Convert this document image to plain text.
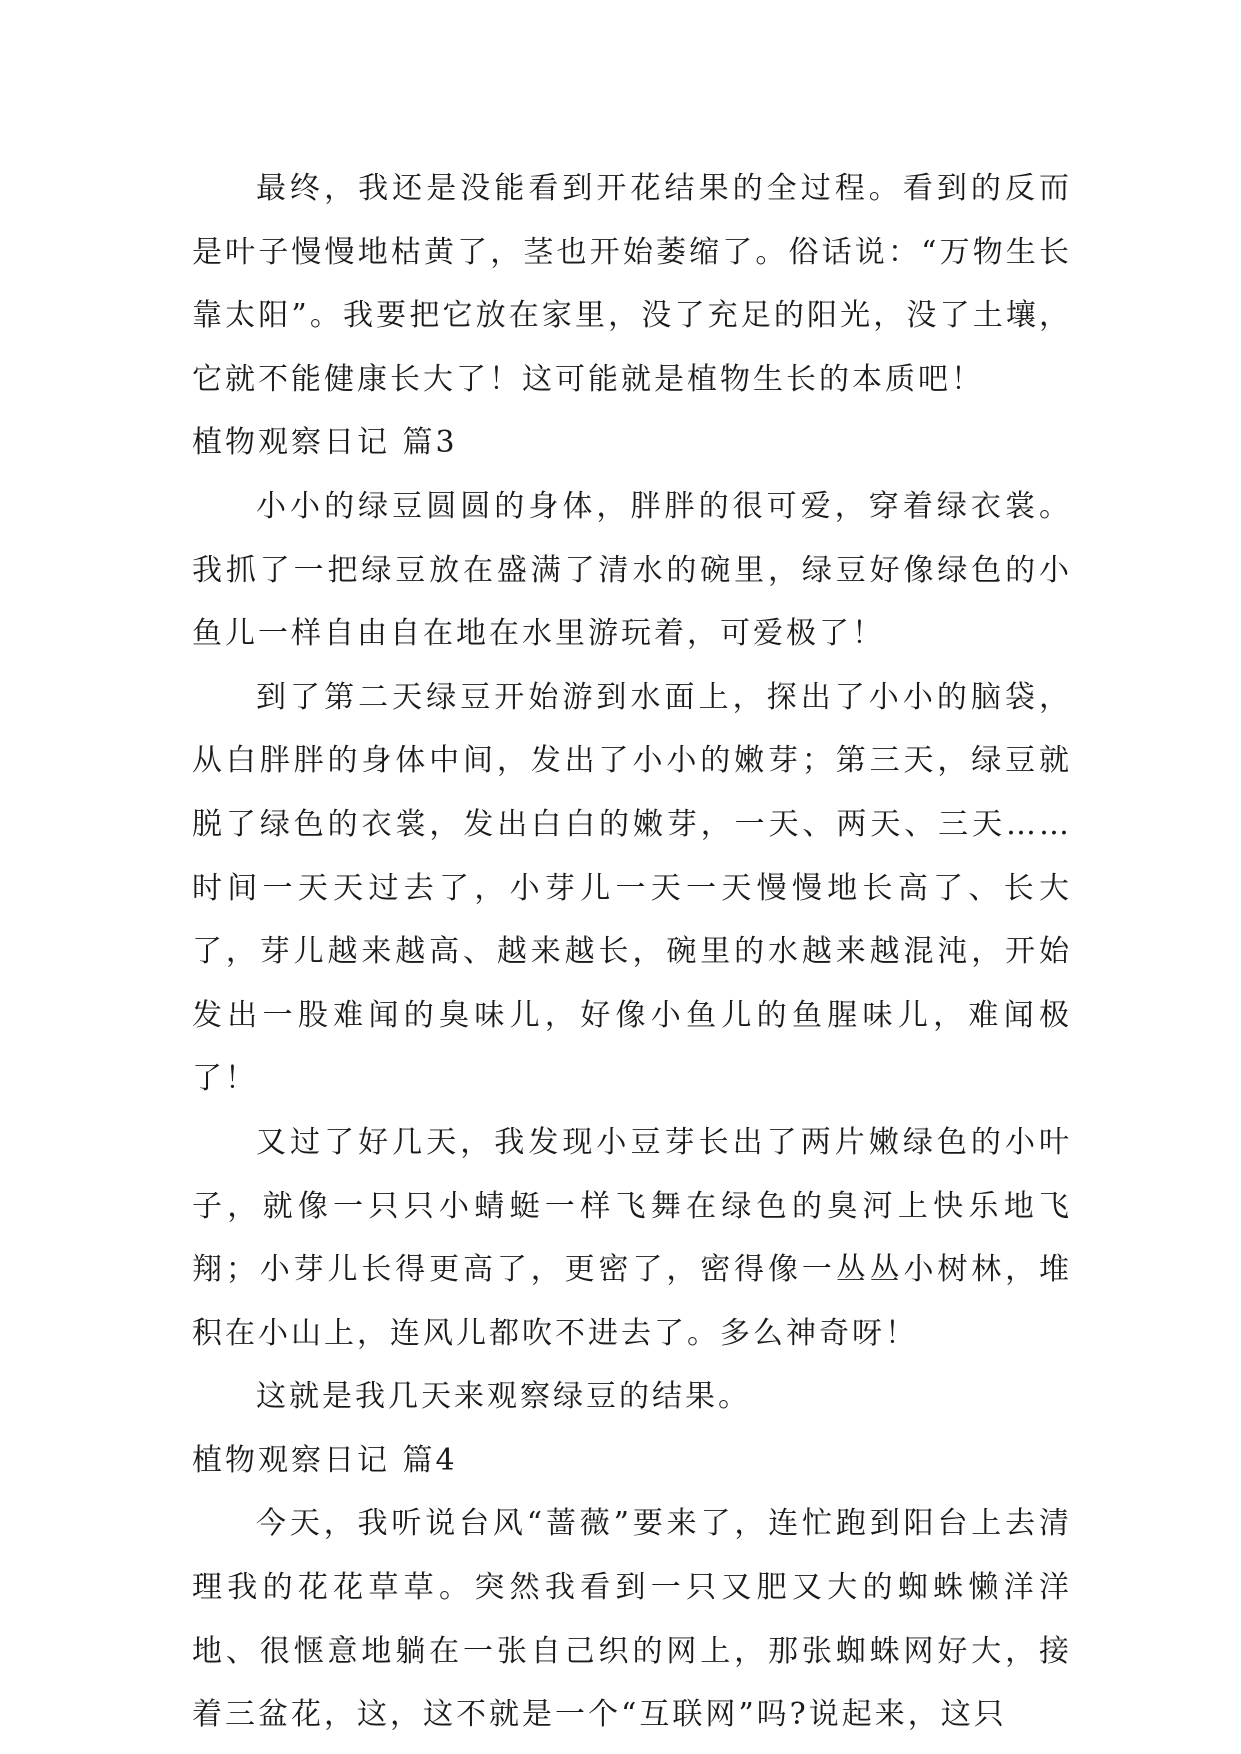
最终，我还是没能看到开花结果的全过程。看到的反而是叶子慢慢地枯黄了，茎也开始萎缩了。俗话说：“万物生长靠太阳”。我要把它放在家里，没了充足的阳光，没了土壤，它就不能健康长大了！这可能就是植物生长的本质吧！

植物观察日记 篇3

小小的绿豆圆圆的身体，胖胖的很可爱，穿着绿衣裳。我抓了一把绿豆放在盛满了清水的碗里，绿豆好像绿色的小鱼儿一样自由自在地在水里游玩着，可爱极了！

到了第二天绿豆开始游到水面上，探出了小小的脑袋，从白胖胖的身体中间，发出了小小的嫩芽；第三天，绿豆就脱了绿色的衣裳，发出白白的嫩芽，一天、两天、三天……时间一天天过去了，小芽儿一天一天慢慢地长高了、长大了，芽儿越来越高、越来越长，碗里的水越来越混沌，开始发出一股难闻的臭味儿，好像小鱼儿的鱼腥味儿，难闻极了！

又过了好几天，我发现小豆芽长出了两片嫩绿色的小叶子，就像一只只小蜻蜓一样飞舞在绿色的臭河上快乐地飞翔；小芽儿长得更高了，更密了，密得像一丛丛小树林，堆积在小山上，连风儿都吹不进去了。多么神奇呀！

这就是我几天来观察绿豆的结果。

植物观察日记 篇4

今天，我听说台风“蔷薇”要来了，连忙跑到阳台上去清理我的花花草草。突然我看到一只又肥又大的蜘蛛懒洋洋地、很惬意地躺在一张自己织的网上，那张蜘蛛网好大，接着三盆花，这，这不就是一个“互联网”吗?说起来，这只
